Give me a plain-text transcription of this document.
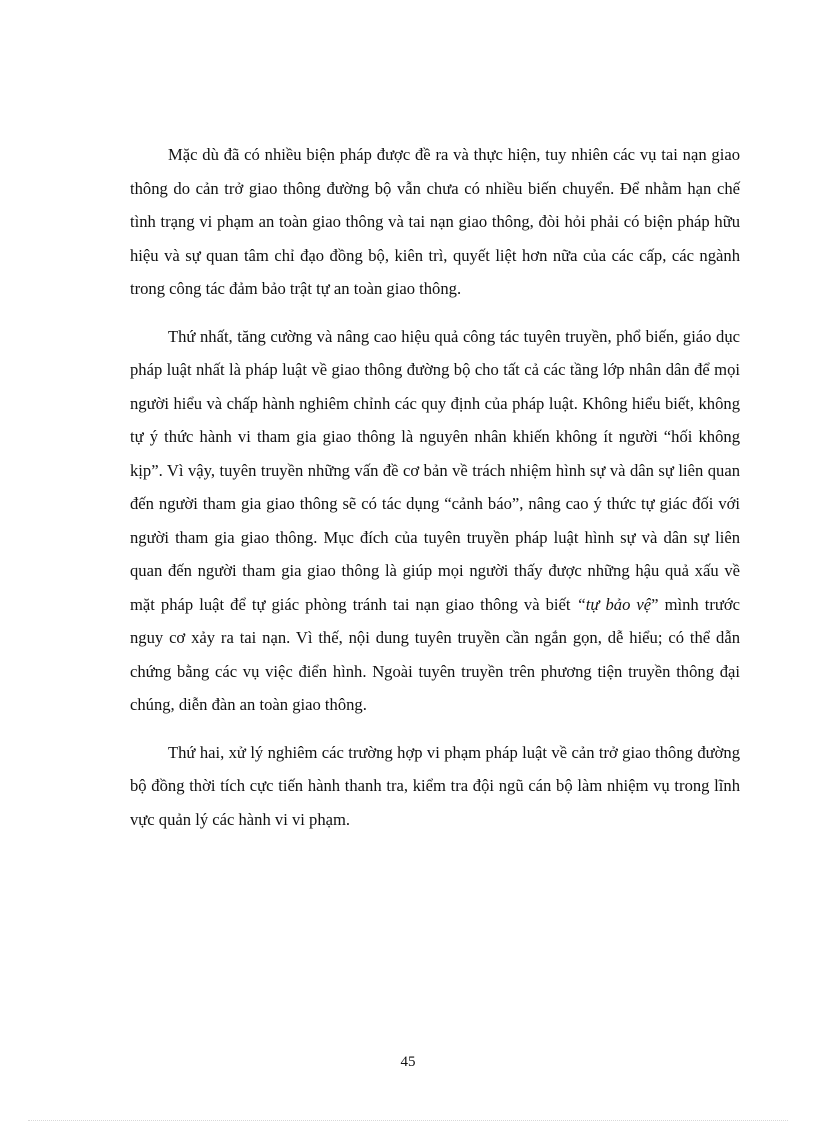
Mặc dù đã có nhiều biện pháp được đề ra và thực hiện, tuy nhiên các vụ tai nạn giao thông do cản trở giao thông đường bộ vẫn chưa có nhiều biến chuyển. Để nhằm hạn chế tình trạng vi phạm an toàn giao thông và tai nạn giao thông, đòi hỏi phải có biện pháp hữu hiệu và sự quan tâm chỉ đạo đồng bộ, kiên trì, quyết liệt hơn nữa của các cấp, các ngành trong công tác đảm bảo trật tự an toàn giao thông.

Thứ nhất, tăng cường và nâng cao hiệu quả công tác tuyên truyền, phổ biến, giáo dục pháp luật nhất là pháp luật về giao thông đường bộ cho tất cả các tầng lớp nhân dân để mọi người hiểu và chấp hành nghiêm chỉnh các quy định của pháp luật. Không hiểu biết, không tự ý thức hành vi tham gia giao thông là nguyên nhân khiến không ít người “hối không kịp”. Vì vậy, tuyên truyền những vấn đề cơ bản về trách nhiệm hình sự và dân sự liên quan đến người tham gia giao thông sẽ có tác dụng “cảnh báo”, nâng cao ý thức tự giác đối với người tham gia giao thông. Mục đích của tuyên truyền pháp luật hình sự và dân sự liên quan đến người tham gia giao thông là giúp mọi người thấy được những hậu quả xấu về mặt pháp luật để tự giác phòng tránh tai nạn giao thông và biết “tự bảo vệ” mình trước nguy cơ xảy ra tai nạn. Vì thế, nội dung tuyên truyền cần ngắn gọn, dễ hiểu; có thể dẫn chứng bằng các vụ việc điển hình. Ngoài tuyên truyền trên phương tiện truyền thông đại chúng, diễn đàn an toàn giao thông.

Thứ hai, xử lý nghiêm các trường hợp vi phạm pháp luật về cản trở giao thông đường bộ đồng thời tích cực tiến hành thanh tra, kiểm tra đội ngũ cán bộ làm nhiệm vụ trong lĩnh vực quản lý các hành vi vi phạm.

45
